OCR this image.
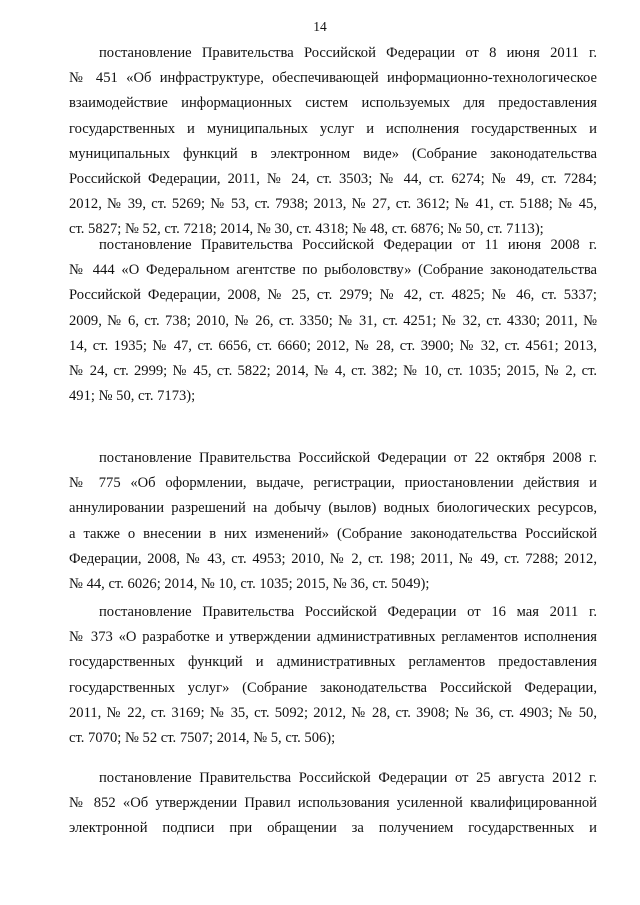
14
постановление Правительства Российской Федерации от 8 июня 2011 г.
№ 451 «Об инфраструктуре, обеспечивающей информационно-технологическое
взаимодействие информационных систем используемых для предоставления
государственных и муниципальных услуг и исполнения государственных и
муниципальных функций в электронном виде» (Собрание законодательства
Российской Федерации, 2011, № 24, ст. 3503; № 44, ст. 6274; № 49, ст. 7284;
2012, № 39, ст. 5269; № 53, ст. 7938; 2013, № 27, ст. 3612; № 41, ст. 5188; № 45,
ст. 5827; № 52, ст. 7218; 2014, № 30, ст. 4318; № 48, ст. 6876; № 50, ст. 7113);
постановление Правительства Российской Федерации от 11 июня 2008 г.
№ 444 «О Федеральном агентстве по рыболовству» (Собрание законодательства
Российской Федерации, 2008, № 25, ст. 2979; № 42, ст. 4825; № 46, ст. 5337;
2009, № 6, ст. 738; 2010, № 26, ст. 3350; № 31, ст. 4251; № 32, ст. 4330; 2011, №
14, ст. 1935; № 47, ст. 6656, ст. 6660; 2012, № 28, ст. 3900; № 32, ст. 4561; 2013,
№ 24, ст. 2999; № 45, ст. 5822; 2014, № 4, ст. 382; № 10, ст. 1035; 2015, № 2, ст.
491; № 50, ст. 7173);
постановление Правительства Российской Федерации от 22 октября 2008 г.
№ 775 «Об оформлении, выдаче, регистрации, приостановлении действия и
аннулировании разрешений на добычу (вылов) водных биологических ресурсов,
а также о внесении в них изменений» (Собрание законодательства Российской
Федерации, 2008, № 43, ст. 4953; 2010, № 2, ст. 198; 2011, № 49, ст. 7288; 2012,
№ 44, ст. 6026; 2014, № 10, ст. 1035; 2015, № 36, ст. 5049);
постановление Правительства Российской Федерации от 16 мая 2011 г.
№ 373 «О разработке и утверждении административных регламентов исполнения
государственных функций и административных регламентов предоставления
государственных услуг» (Собрание законодательства Российской Федерации,
2011, № 22, ст. 3169; № 35, ст. 5092; 2012, № 28, ст. 3908; № 36, ст. 4903; № 50,
ст. 7070; № 52 ст. 7507; 2014, № 5, ст. 506);
постановление Правительства Российской Федерации от 25 августа 2012 г.
№ 852 «Об утверждении Правил использования усиленной квалифицированной
электронной подписи при обращении за получением государственных и
